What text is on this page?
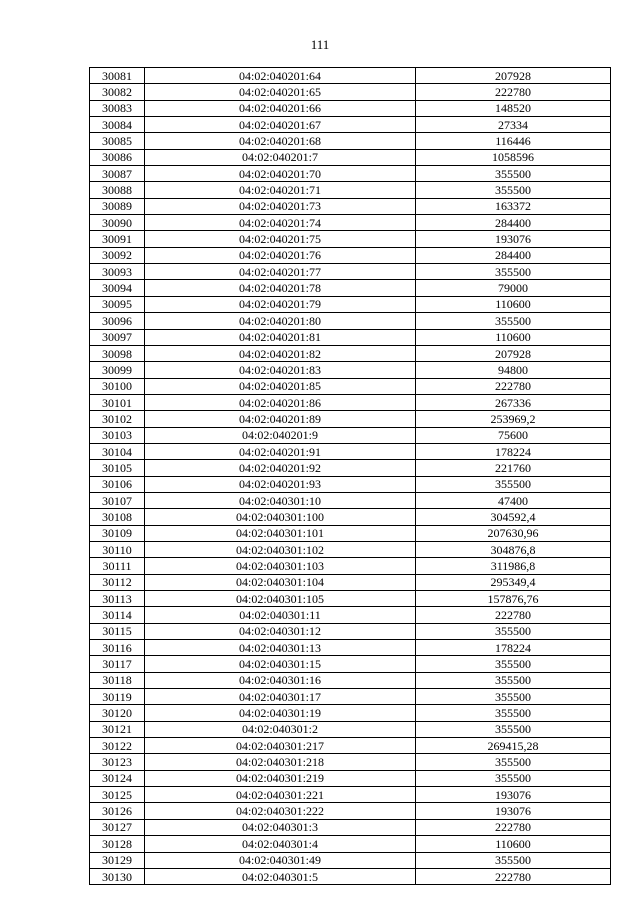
111
30081	04:02:040201:64	207928
30082	04:02:040201:65	222780
30083	04:02:040201:66	148520
30084	04:02:040201:67	27334
30085	04:02:040201:68	116446
30086	04:02:040201:7	1058596
30087	04:02:040201:70	355500
30088	04:02:040201:71	355500
30089	04:02:040201:73	163372
30090	04:02:040201:74	284400
30091	04:02:040201:75	193076
30092	04:02:040201:76	284400
30093	04:02:040201:77	355500
30094	04:02:040201:78	79000
30095	04:02:040201:79	110600
30096	04:02:040201:80	355500
30097	04:02:040201:81	110600
30098	04:02:040201:82	207928
30099	04:02:040201:83	94800
30100	04:02:040201:85	222780
30101	04:02:040201:86	267336
30102	04:02:040201:89	253969,2
30103	04:02:040201:9	75600
30104	04:02:040201:91	178224
30105	04:02:040201:92	221760
30106	04:02:040201:93	355500
30107	04:02:040301:10	47400
30108	04:02:040301:100	304592,4
30109	04:02:040301:101	207630,96
30110	04:02:040301:102	304876,8
30111	04:02:040301:103	311986,8
30112	04:02:040301:104	295349,4
30113	04:02:040301:105	157876,76
30114	04:02:040301:11	222780
30115	04:02:040301:12	355500
30116	04:02:040301:13	178224
30117	04:02:040301:15	355500
30118	04:02:040301:16	355500
30119	04:02:040301:17	355500
30120	04:02:040301:19	355500
30121	04:02:040301:2	355500
30122	04:02:040301:217	269415,28
30123	04:02:040301:218	355500
30124	04:02:040301:219	355500
30125	04:02:040301:221	193076
30126	04:02:040301:222	193076
30127	04:02:040301:3	222780
30128	04:02:040301:4	110600
30129	04:02:040301:49	355500
30130	04:02:040301:5	222780
